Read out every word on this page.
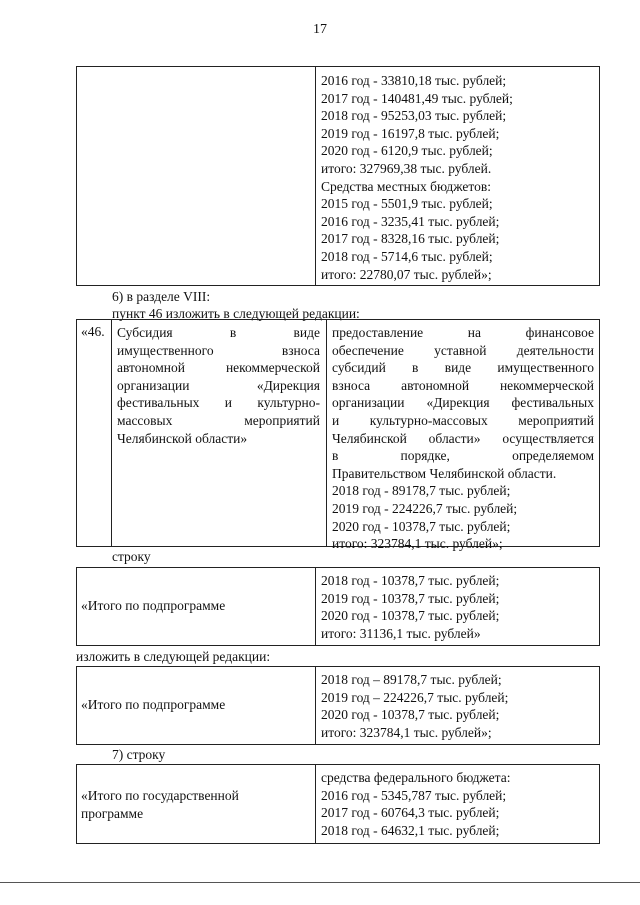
17
2016 год - 33810,18 тыс. рублей;
2017 год - 140481,49 тыс. рублей;
2018 год - 95253,03 тыс. рублей;
2019 год - 16197,8 тыс. рублей;
2020 год - 6120,9 тыс. рублей;
итого: 327969,38 тыс. рублей.
Средства местных бюджетов:
2015 год - 5501,9 тыс. рублей;
2016 год - 3235,41 тыс. рублей;
2017 год - 8328,16 тыс. рублей;
2018 год - 5714,6 тыс. рублей;
итого: 22780,07 тыс. рублей»;
6) в разделе VIII:
пункт 46 изложить в следующей редакции:
«46. Субсидия в виде
имущественного взноса
автономной некоммерческой
организации «Дирекция
фестивальных и культурно-
массовых мероприятий
Челябинской области»
предоставление на финансовое
обеспечение уставной деятельности
субсидий в виде имущественного
взноса автономной некоммерческой
организации «Дирекция фестивальных
и культурно-массовых мероприятий
Челябинской области» осуществляется
в порядке, определяемом
Правительством Челябинской области.
2018 год - 89178,7 тыс. рублей;
2019 год - 224226,7 тыс. рублей;
2020 год - 10378,7 тыс. рублей;
итого: 323784,1 тыс. рублей»;
строку
«Итого по подпрограмме
2018 год - 10378,7 тыс. рублей;
2019 год - 10378,7 тыс. рублей;
2020 год - 10378,7 тыс. рублей;
итого: 31136,1 тыс. рублей»
изложить в следующей редакции:
«Итого по подпрограмме
2018 год – 89178,7 тыс. рублей;
2019 год – 224226,7 тыс. рублей;
2020 год - 10378,7 тыс. рублей;
итого: 323784,1 тыс. рублей»;
7) строку
«Итого по государственной
программе
средства федерального бюджета:
2016 год - 5345,787 тыс. рублей;
2017 год - 60764,3 тыс. рублей;
2018 год - 64632,1 тыс. рублей;
